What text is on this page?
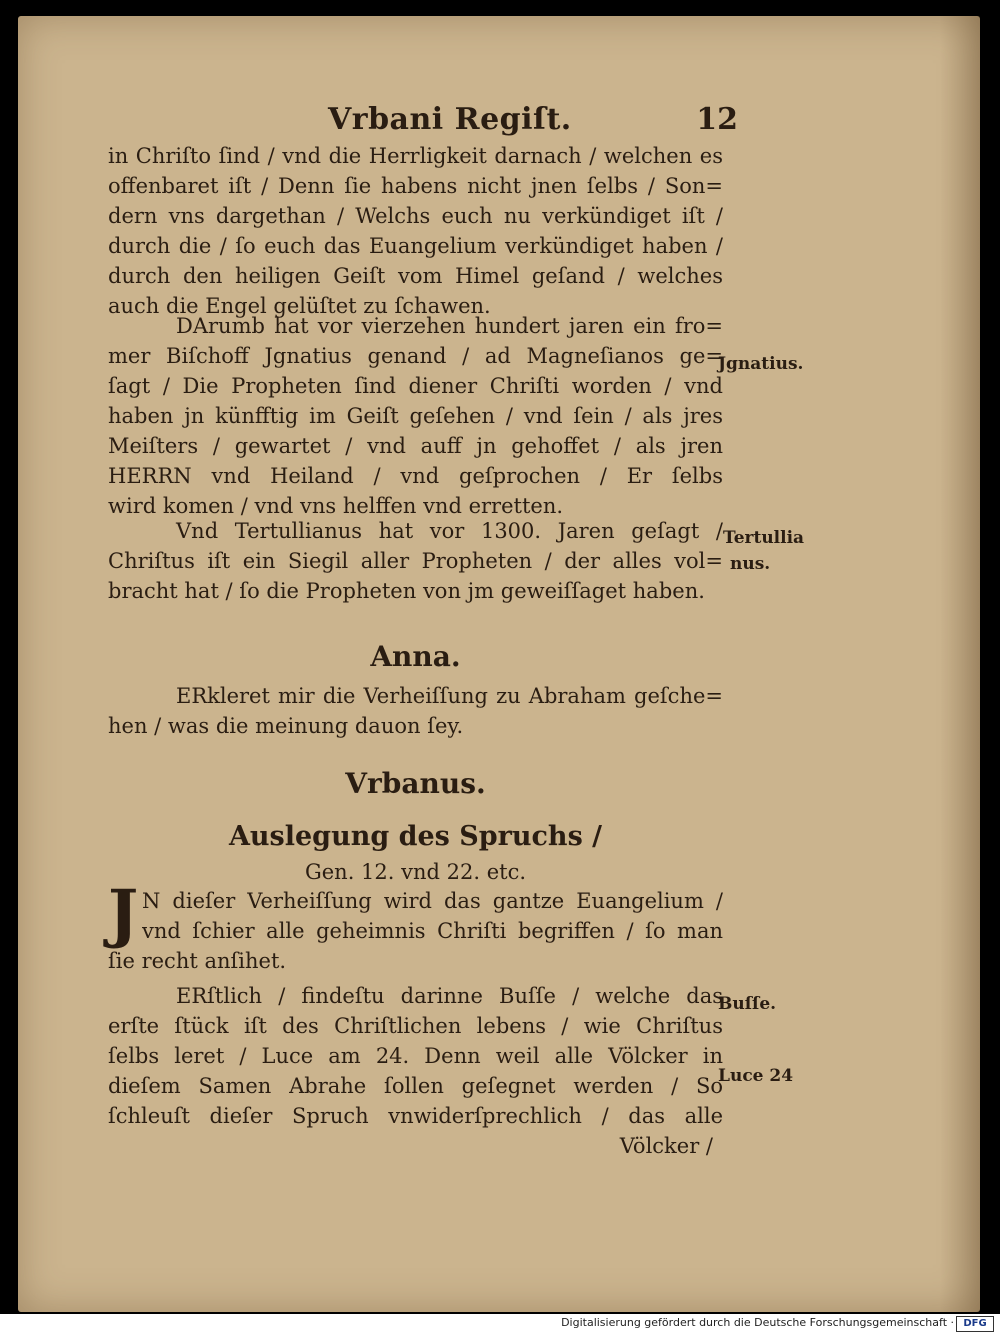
Vrbani Regiſt.	12
in Chriſto ſind / vnd die Herrligkeit darnach / welchen es
offenbaret iſt / Denn ſie habens nicht jnen ſelbs / Son=
dern vns dargethan / Welchs euch nu verkündiget iſt /
durch die / ſo euch das Euangelium verkündiget haben /
durch den heiligen Geiſt vom Himel geſand / welches
auch die Engel gelüſtet zu ſchawen.
DArumb hat vor vierzehen hundert jaren ein fro=
mer Biſchoff Jgnatius genand / ad Magneſianos ge=
ſagt / Die Propheten ſind diener Chriſti worden / vnd
haben jn künfftig im Geiſt geſehen / vnd ſein / als jres
Meiſters / gewartet / vnd auff jn gehoffet / als jren
HERRN vnd Heiland / vnd geſprochen / Er ſelbs
wird komen / vnd vns helffen vnd erretten.
Jgnatius.
Vnd Tertullianus hat vor 1300. Jaren geſagt /
Chriſtus iſt ein Siegil aller Propheten / der alles vol=
bracht hat / ſo die Propheten von jm geweiſſaget haben.
Tertullia
nus.
Anna.
ERkleret mir die Verheiſſung zu Abraham geſche=
hen / was die meinung dauon ſey.
Vrbanus.
Auslegung des Spruchs /
Gen. 12. vnd 22. etc.
J N dieſer Verheiſſung wird das gantze Euangelium /
vnd ſchier alle geheimnis Chriſti begriffen / ſo man
ſie recht anſihet.
ERſtlich / findeſtu darinne Buſſe / welche das
erſte ſtück iſt des Chriſtlichen lebens / wie Chriſtus
ſelbs leret / Luce am 24. Denn weil alle Völcker in
dieſem Samen Abrahe ſollen geſegnet werden / So
ſchleuſt dieſer Spruch vnwiderſprechlich / das alle
Völcker /
Buſſe.
Luce 24
Digitalisierung gefördert durch die Deutsche Forschungsgemeinschaft · DFG
